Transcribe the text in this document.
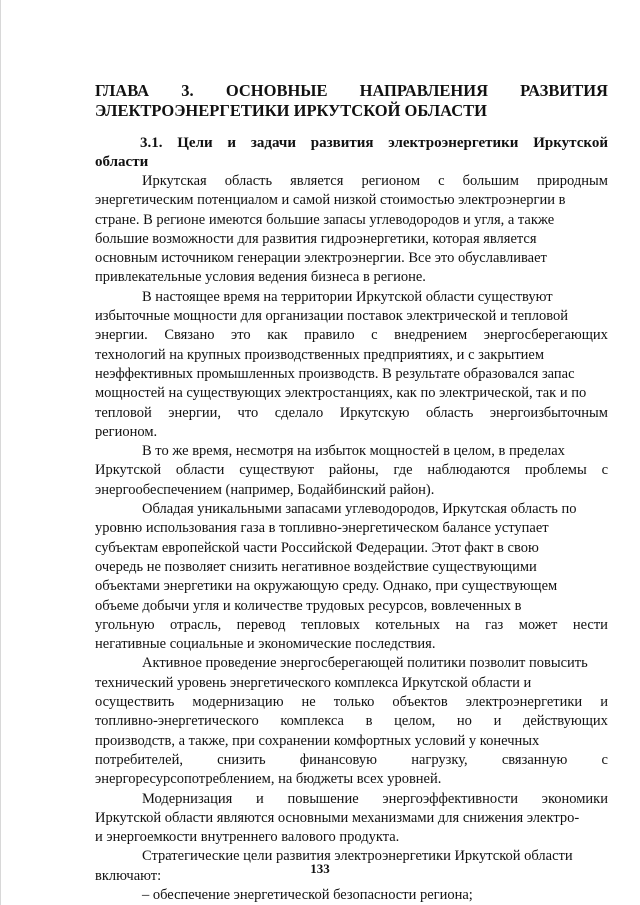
ГЛАВА 3. ОСНОВНЫЕ НАПРАВЛЕНИЯ РАЗВИТИЯ
ЭЛЕКТРОЭНЕРГЕТИКИ ИРКУТСКОЙ ОБЛАСТИ
3.1. Цели и задачи развития электроэнергетики Иркутской
области

Иркутская область является регионом с большим природным
энергетическим потенциалом и самой низкой стоимостью электроэнергии в
стране. В регионе имеются большие запасы углеводородов и угля, а также
большие возможности для развития гидроэнергетики, которая является
основным источником генерации электроэнергии. Все это обуславливает
привлекательные условия ведения бизнеса в регионе.

В настоящее время на территории Иркутской области существуют
избыточные мощности для организации поставок электрической и тепловой
энергии. Связано это как правило с внедрением энергосберегающих
технологий на крупных производственных предприятиях, и с закрытием
неэффективных промышленных производств. В результате образовался запас
мощностей на существующих электростанциях, как по электрической, так и по
тепловой энергии, что сделало Иркутскую область энергоизбыточным
регионом.

В то же время, несмотря на избыток мощностей в целом, в пределах
Иркутской области существуют районы, где наблюдаются проблемы с
энергообеспечением (например, Бодайбинский район).

Обладая уникальными запасами углеводородов, Иркутская область по
уровню использования газа в топливно-энергетическом балансе уступает
субъектам европейской части Российской Федерации. Этот факт в свою
очередь не позволяет снизить негативное воздействие существующими
объектами энергетики на окружающую среду. Однако, при существующем
объеме добычи угля и количестве трудовых ресурсов, вовлеченных в
угольную отрасль, перевод тепловых котельных на газ может нести
негативные социальные и экономические последствия.

Активное проведение энергосберегающей политики позволит повысить
технический уровень энергетического комплекса Иркутской области и
осуществить модернизацию не только объектов электроэнергетики и
топливно-энергетического комплекса в целом, но и действующих
производств, а также, при сохранении комфортных условий у конечных
потребителей, снизить финансовую нагрузку, связанную с
энергоресурсопотреблением, на бюджеты всех уровней.

Модернизация и повышение энергоэффективности экономики
Иркутской области являются основными механизмами для снижения электро-
и энергоемкости внутреннего валового продукта.

Стратегические цели развития электроэнергетики Иркутской области
включают:

– обеспечение энергетической безопасности региона;

133
